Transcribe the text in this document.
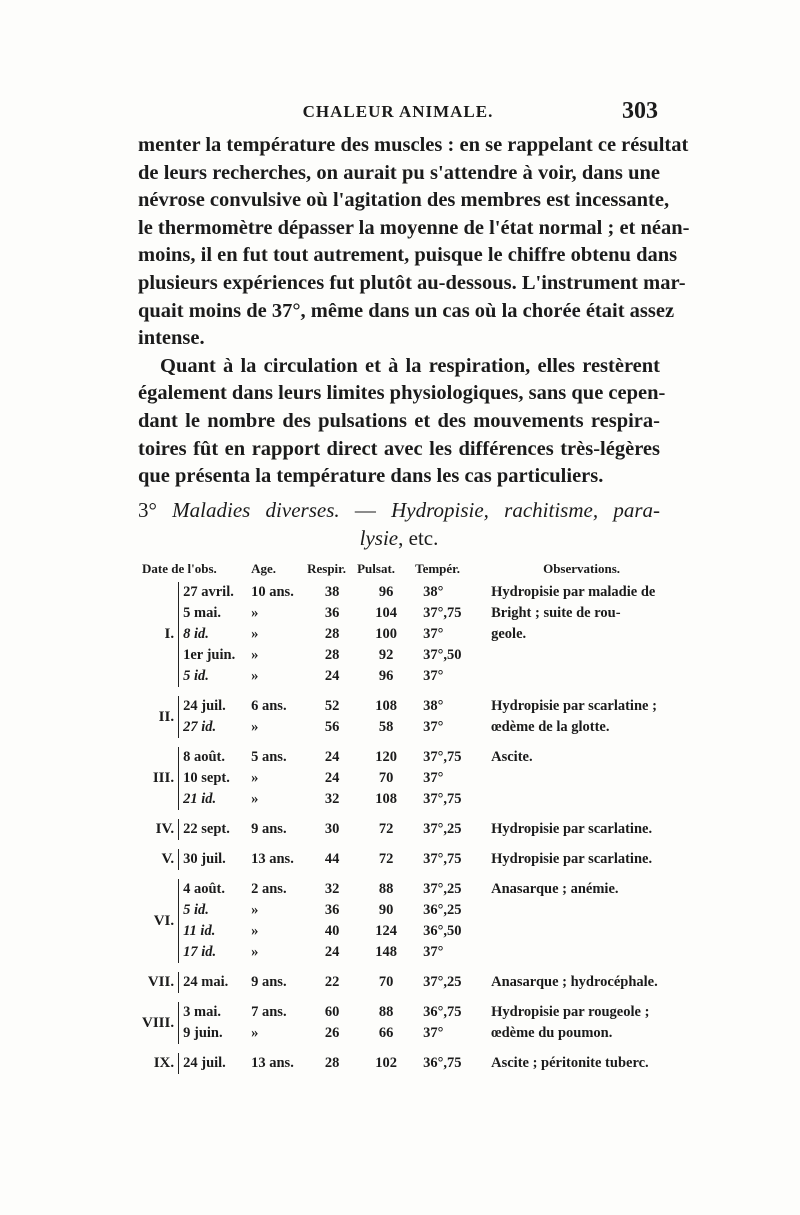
CHALEUR ANIMALE.	303
menter la température des muscles : en se rappelant ce résultat
de leurs recherches, on aurait pu s'attendre à voir, dans une
névrose convulsive où l'agitation des membres est incessante,
le thermomètre dépasser la moyenne de l'état normal ; et néan-
moins, il en fut tout autrement, puisque le chiffre obtenu dans
plusieurs expériences fut plutôt au-dessous. L'instrument mar-
quait moins de 37°, même dans un cas où la chorée était assez
intense.
Quant à la circulation et à la respiration, elles restèrent
également dans leurs limites physiologiques, sans que cepen-
dant le nombre des pulsations et des mouvements respira-
toires fût en rapport direct avec les différences très-légères
que présenta la température dans les cas particuliers.
3° Maladies diverses. — Hydropisie, rachitisme, para-
lysie, etc.
Date de l'obs.		Age.	Respir.	Pulsat.	Tempér.	Observations.
I.	27 avril.	10 ans.	38	96	38°	Hydropisie par maladie de
	5 mai.	»	36	104	37°,75	Bright ; suite de rou-
	8 id.	»	28	100	37°	geole.
	1er juin.	»	28	92	37°,50	
	5 id.	»	24	96	37°	

II.	24 juil.	6 ans.	52	108	38°	Hydropisie par scarlatine ;
	27 id.	»	56	58	37°	œdème de la glotte.

III.	8 août.	5 ans.	24	120	37°,75	Ascite.
	10 sept.	»	24	70	37°	
	21 id.	»	32	108	37°,75	

IV.	22 sept.	9 ans.	30	72	37°,25	Hydropisie par scarlatine.

V.	30 juil.	13 ans.	44	72	37°,75	Hydropisie par scarlatine.

VI.	4 août.	2 ans.	32	88	37°,25	Anasarque ; anémie.
	5 id.	»	36	90	36°,25	
	11 id.	»	40	124	36°,50	
	17 id.	»	24	148	37°	

VII.	24 mai.	9 ans.	22	70	37°,25	Anasarque ; hydrocéphale.

VIII.	3 mai.	7 ans.	60	88	36°,75	Hydropisie par rougeole ;
	9 juin.	»	26	66	37°	œdème du poumon.

IX.	24 juil.	13 ans.	28	102	36°,75	Ascite ; péritonite tuberc.
